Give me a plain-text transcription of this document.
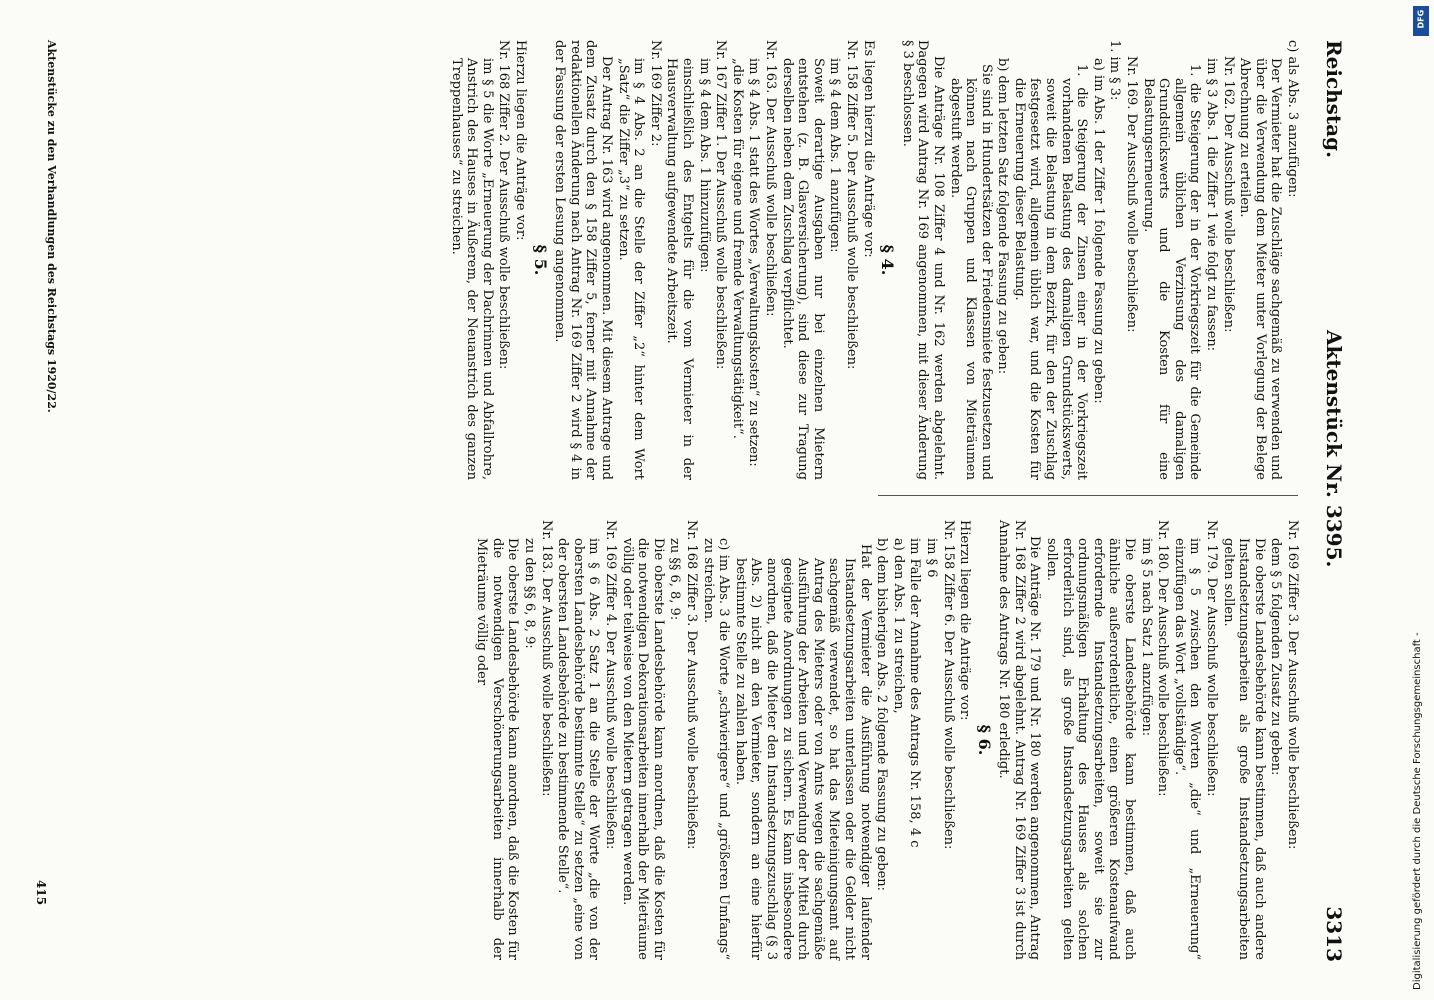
Reichstag.
Aktenstück Nr. 3395.
3313

c) als Abs. 3 anzufügen:

Der Vermieter hat die Zuschläge sachgemäß zu verwenden und über die Verwendung dem Mieter unter Vorlegung der Belege Abrechnung zu erteilen.

Nr. 162. Der Ausschuß wolle beschließen:

im § 3 Abs. 1 die Ziffer 1 wie folgt zu fassen:

1. die Steigerung der in der Vorkriegszeit für die Gemeinde allgemein üblichen Verzinsung des damaligen Grundstückswerts und die Kosten für eine Belastungserneuerung.

Nr. 169. Der Ausschuß wolle beschließen:

1. im § 3:

a) im Abs. 1 der Ziffer 1 folgende Fassung zu geben:

1. die Steigerung der Zinsen einer in der Vorkriegszeit vorhandenen Belastung des damaligen Grundstückswerts, soweit die Belastung in dem Bezirk, für den der Zuschlag festgesetzt wird, allgemein üblich war, und die Kosten für die Erneuerung dieser Belastung.

b) dem letzten Satz folgende Fassung zu geben:

Sie sind in Hundertsätzen der Friedensmiete festzusetzen und können nach Gruppen und Klassen von Mieträumen abgestuft werden.

Die Anträge Nr. 108 Ziffer 4 und Nr. 162 werden abgelehnt. Dagegen wird Antrag Nr. 169 angenommen, mit dieser Änderung § 3 beschlossen.

§ 4.

Es liegen hierzu die Anträge vor:

Nr. 158 Ziffer 5. Der Ausschuß wolle beschließen:

im § 4 dem Abs. 1 anzufügen:

Soweit derartige Ausgaben nur bei einzelnen Mietern entstehen (z. B. Glasversicherung), sind diese zur Tragung derselben neben dem Zuschlag verpflichtet.

Nr. 163. Der Ausschuß wolle beschließen:

im § 4 Abs. 1 statt des Wortes „Verwaltungskosten“ zu setzen:

„die Kosten für eigene und fremde Verwaltungstätigkeit“.

Nr. 167 Ziffer 1. Der Ausschuß wolle beschließen:

im § 4 dem Abs. 1 hinzuzufügen:

einschließlich des Entgelts für die vom Vermieter in der Hausverwaltung aufgewendete Arbeitszeit.

Nr. 169 Ziffer 2:

im § 4 Abs. 2 an die Stelle der Ziffer „2“ hinter dem Wort „Satz“ die Ziffer „3“ zu setzen.

Der Antrag Nr. 163 wird angenommen. Mit diesem Antrage und dem Zusatz durch den § 158 Ziffer 5, ferner mit Annahme der redaktionellen Änderung nach Antrag Nr. 169 Ziffer 2 wird § 4 in der Fassung der ersten Lesung angenommen.

§ 5.

Hierzu liegen die Anträge vor:

Nr. 168 Ziffer 2. Der Ausschuß wolle beschließen:

im § 5 die Worte „Erneuerung der Dachrinnen und Abfallrohre, Anstrich des Hauses in Äußerem, der Neuanstrich des ganzen Treppenhauses“ zu streichen.

Nr. 169 Ziffer 3. Der Ausschuß wolle beschließen:

dem § 5 folgenden Zusatz zu geben:

Die oberste Landesbehörde kann bestimmen, daß auch andere Instandsetzungsarbeiten als große Instandsetzungsarbeiten gelten sollen.

Nr. 179. Der Ausschuß wolle beschließen:

im § 5 zwischen den Worten „die“ und „Erneuerung“ einzufügen das Wort „vollständige“.

Nr. 180. Der Ausschuß wolle beschließen:

im § 5 nach Satz 1 anzufügen:

Die oberste Landesbehörde kann bestimmen, daß auch ähnliche außerordentliche, einen größeren Kostenaufwand erfordernde Instandsetzungsarbeiten, soweit sie zur ordnungsmäßigen Erhaltung des Hauses als solchen erforderlich sind, als große Instandsetzungsarbeiten gelten sollen.

Die Anträge Nr. 179 und Nr. 180 werden angenommen, Antrag Nr. 168 Ziffer 2 wird abgelehnt. Antrag Nr. 169 Ziffer 3 ist durch Annahme des Antrags Nr. 180 erledigt.

§ 6.

Hierzu liegen die Anträge vor:

Nr. 158 Ziffer 6. Der Ausschuß wolle beschließen:

im § 6

im Falle der Annahme des Antrags Nr. 158, 4 c

a) den Abs. 1 zu streichen,

b) dem bisherigen Abs. 2 folgende Fassung zu geben:

Hat der Vermieter die Ausführung notwendiger laufender Instandsetzungsarbeiten unterlassen oder die Gelder nicht sachgemäß verwendet, so hat das Mieteinigungsamt auf Antrag des Mieters oder von Amts wegen die sachgemäße Ausführung der Arbeiten und Verwendung der Mittel durch geeignete Anordnungen zu sichern. Es kann insbesondere anordnen, daß die Mieter den Instandsetzungszuschlag (§ 3 Abs. 2) nicht an den Vermieter, sondern an eine hierfür bestimmte Stelle zu zahlen haben.

c) im Abs. 3 die Worte „schwierigere“ und „größeren Umfangs“ zu streichen.

Nr. 168 Ziffer 3. Der Ausschuß wolle beschließen:

zu §§ 6, 8, 9:

Die oberste Landesbehörde kann anordnen, daß die Kosten für die notwendigen Dekorationsarbeiten innerhalb der Mieträume völlig oder teilweise von den Mietern getragen werden.

Nr. 169 Ziffer 4. Der Ausschuß wolle beschließen:

im § 6 Abs. 2 Satz 1 an die Stelle der Worte „die von der obersten Landesbehörde bestimmte Stelle“ zu setzen „eine von der obersten Landesbehörde zu bestimmende Stelle“.

Nr. 183. Der Ausschuß wolle beschließen:

zu den §§ 6, 8, 9:

Die oberste Landesbehörde kann anordnen, daß die Kosten für die notwendigen Verschönerungsarbeiten innerhalb der Mieträume völlig oder

Aktenstücke zu den Verhandlungen des Reichstags 1920/22.
415	Digitalisierung gefördert durch die Deutsche Forschungsgemeinschaft -
DFG
